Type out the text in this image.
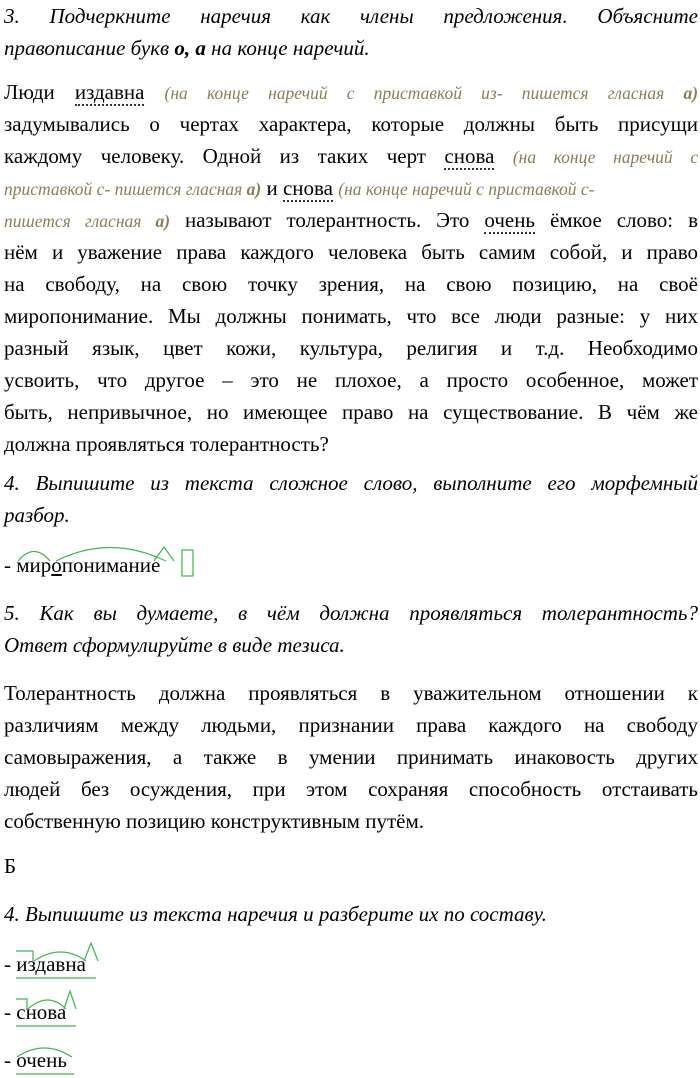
3. Подчеркните наречия как члены предложения. Объясните
правописание букв о, а на конце наречий.
Люди издавна (на конце наречий с приставкой из- пишется гласная а)
задумывались о чертах характера, которые должны быть присущи
каждому человеку. Одной из таких черт снова (на конце наречий с
приставкой с- пишется гласная а) и снова (на конце наречий с приставкой с-
пишется гласная а) называют толерантность. Это очень ёмкое слово: в
нём и уважение права каждого человека быть самим собой, и право
на свободу, на свою точку зрения, на свою позицию, на своё
миропонимание. Мы должны понимать, что все люди разные: у них
разный язык, цвет кожи, культура, религия и т.д. Необходимо
усвоить, что другое – это не плохое, а просто особенное, может
быть, непривычное, но имеющее право на существование. В чём же
должна проявляться толерантность?
4. Выпишите из текста сложное слово, выполните его морфемный
разбор.
- миропонимание
5. Как вы думаете, в чём должна проявляться толерантность?
Ответ сформулируйте в виде тезиса.
Толерантность должна проявляться в уважительном отношении к
различиям между людьми, признании права каждого на свободу
самовыражения, а также в умении принимать инаковость других
людей без осуждения, при этом сохраняя способность отстаивать
собственную позицию конструктивным путём.
Б
4. Выпишите из текста наречия и разберите их по составу.
- издавна
- снова
- очень
